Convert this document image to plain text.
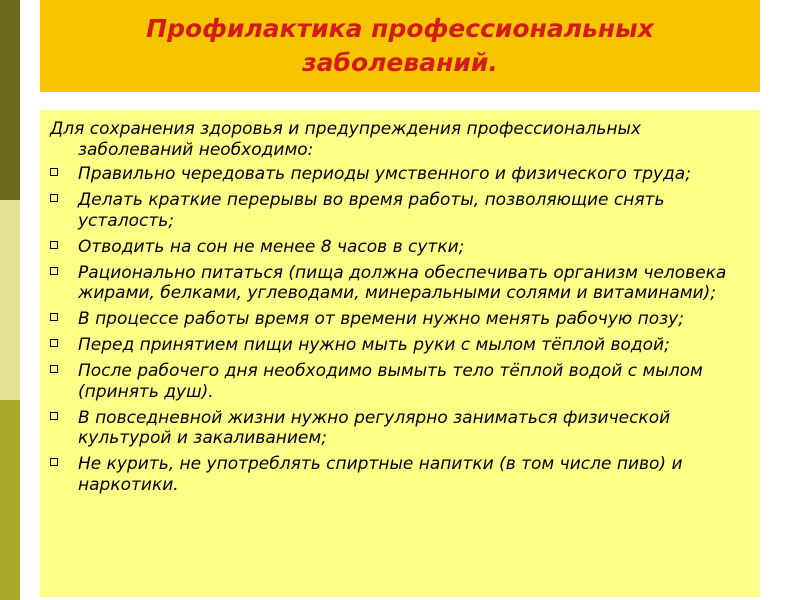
Профилактика профессиональных заболеваний.

Для сохранения здоровья и предупреждения профессиональных
заболеваний необходимо:

Правильно чередовать периоды умственного и физического труда;
Делать краткие перерывы во время работы, позволяющие снять усталость;
Отводить на сон не менее 8 часов в сутки;
Рационально питаться (пища должна обеспечивать организм человека жирами, белками, углеводами, минеральными солями и витаминами);
В процессе работы время от времени нужно менять рабочую позу;
Перед принятием пищи нужно мыть руки с мылом тёплой водой;
После рабочего дня необходимо вымыть тело тёплой водой с мылом (принять душ).
В повседневной жизни нужно регулярно заниматься физической культурой и закаливанием;
Не курить, не употреблять спиртные напитки (в том числе пиво) и наркотики.
